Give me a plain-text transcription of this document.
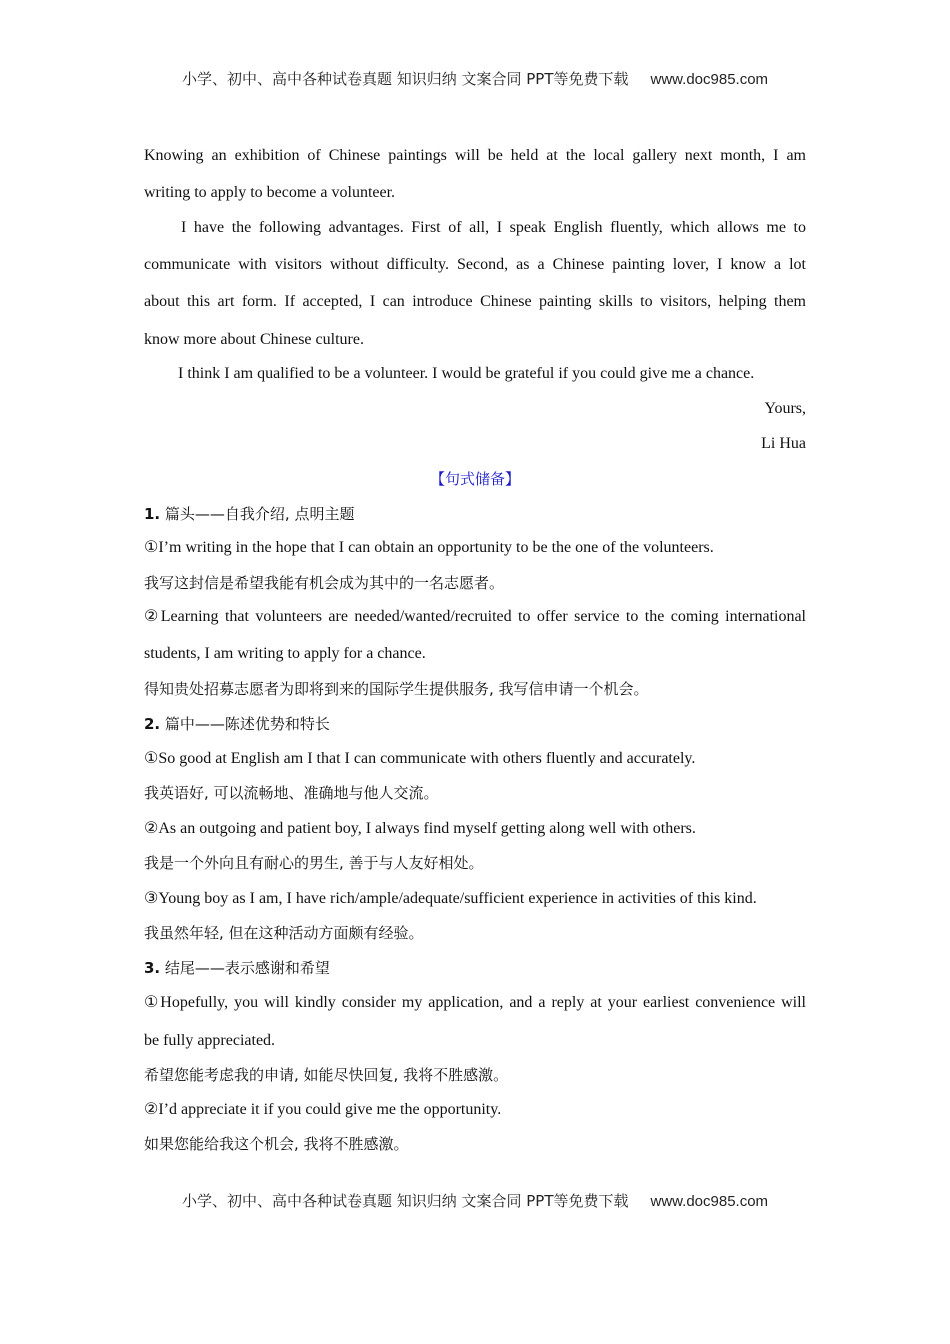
小学、初中、高中各种试卷真题 知识归纳 文案合同 PPT等免费下载 www.doc985.com
Knowing an exhibition of Chinese paintings will be held at the local gallery next month, I am
writing to apply to become a volunteer.
I have the following advantages. First of all, I speak English fluently, which allows me to
communicate with visitors without difficulty. Second, as a Chinese painting lover, I know a lot
about this art form. If accepted, I can introduce Chinese painting skills to visitors, helping them
know more about Chinese culture.
I think I am qualified to be a volunteer. I would be grateful if you could give me a chance.
Yours,
Li Hua
【句式储备】
1. 篇头——自我介绍, 点明主题
①I’m writing in the hope that I can obtain an opportunity to be the one of the volunteers.
我写这封信是希望我能有机会成为其中的一名志愿者。
②Learning that volunteers are needed/wanted/recruited to offer service to the coming international
students, I am writing to apply for a chance.
得知贵处招募志愿者为即将到来的国际学生提供服务, 我写信申请一个机会。
2. 篇中——陈述优势和特长
①So good at English am I that I can communicate with others fluently and accurately.
我英语好, 可以流畅地、准确地与他人交流。
②As an outgoing and patient boy, I always find myself getting along well with others.
我是一个外向且有耐心的男生, 善于与人友好相处。
③Young boy as I am, I have rich/ample/adequate/sufficient experience in activities of this kind.
我虽然年轻, 但在这种活动方面颇有经验。
3. 结尾——表示感谢和希望
①Hopefully, you will kindly consider my application, and a reply at your earliest convenience will
be fully appreciated.
希望您能考虑我的申请, 如能尽快回复, 我将不胜感激。
②I’d appreciate it if you could give me the opportunity.
如果您能给我这个机会, 我将不胜感激。
小学、初中、高中各种试卷真题 知识归纳 文案合同 PPT等免费下载 www.doc985.com
